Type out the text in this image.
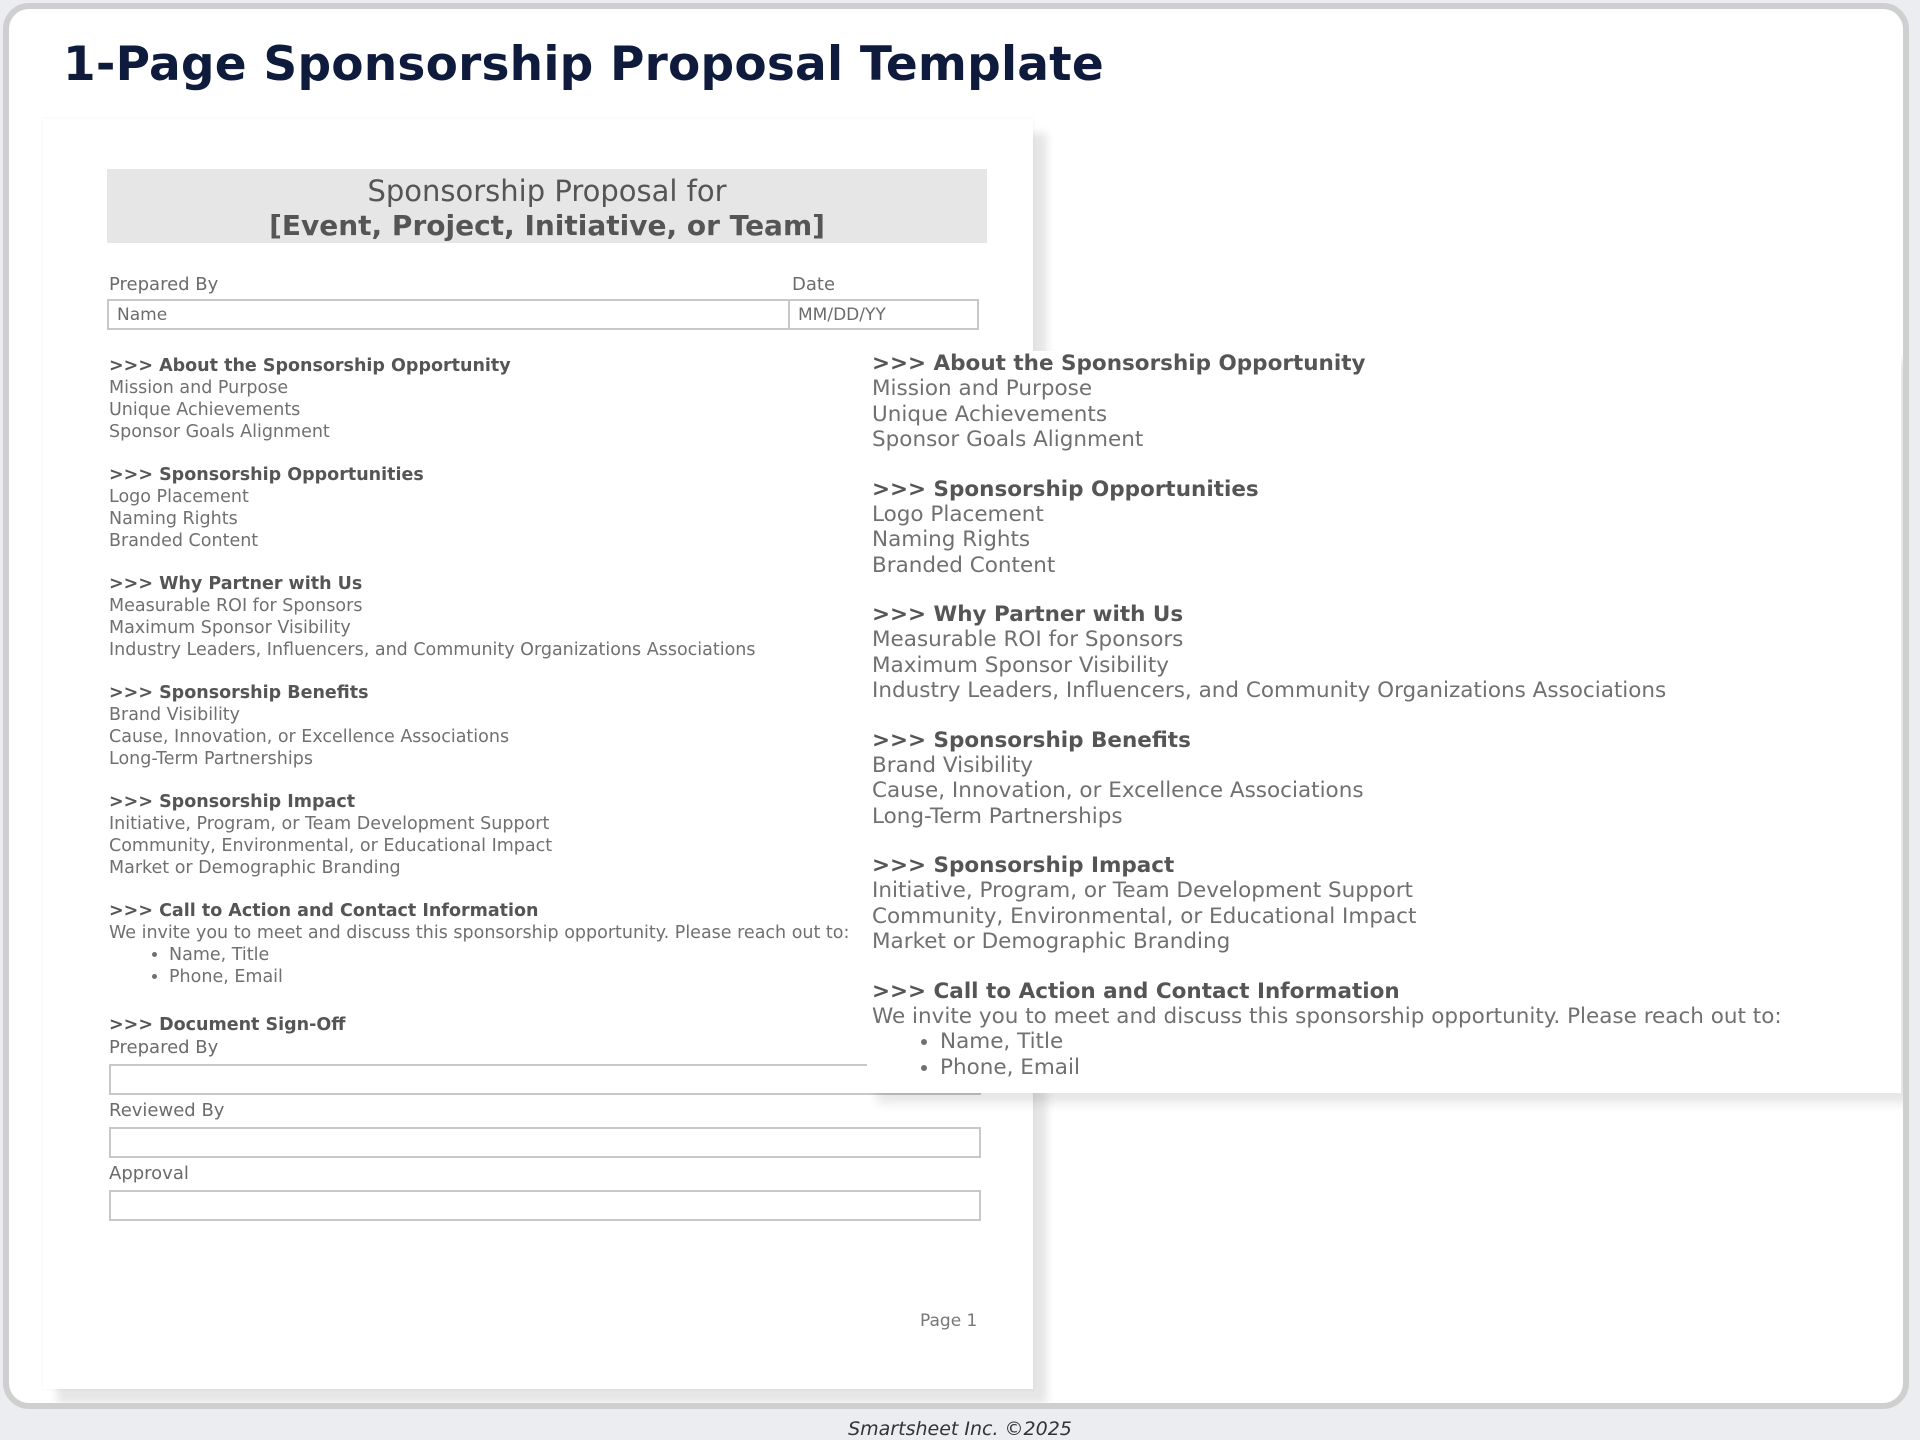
1-Page Sponsorship Proposal Template
Sponsorship Proposal for
[Event, Project, Initiative, or Team]
Prepared By	Date
Name	MM/DD/YY
>>> About the Sponsorship Opportunity
Mission and Purpose
Unique Achievements
Sponsor Goals Alignment
>>> Sponsorship Opportunities
Logo Placement
Naming Rights
Branded Content
>>> Why Partner with Us
Measurable ROI for Sponsors
Maximum Sponsor Visibility
Industry Leaders, Influencers, and Community Organizations Associations
>>> Sponsorship Benefits
Brand Visibility
Cause, Innovation, or Excellence Associations
Long-Term Partnerships
>>> Sponsorship Impact
Initiative, Program, or Team Development Support
Community, Environmental, or Educational Impact
Market or Demographic Branding
>>> Call to Action and Contact Information
We invite you to meet and discuss this sponsorship opportunity. Please reach out to:
• Name, Title
• Phone, Email
>>> Document Sign-Off
Prepared By
Reviewed By
Approval
Page 1
>>> About the Sponsorship Opportunity
Mission and Purpose
Unique Achievements
Sponsor Goals Alignment
>>> Sponsorship Opportunities
Logo Placement
Naming Rights
Branded Content
>>> Why Partner with Us
Measurable ROI for Sponsors
Maximum Sponsor Visibility
Industry Leaders, Influencers, and Community Organizations Associations
>>> Sponsorship Benefits
Brand Visibility
Cause, Innovation, or Excellence Associations
Long-Term Partnerships
>>> Sponsorship Impact
Initiative, Program, or Team Development Support
Community, Environmental, or Educational Impact
Market or Demographic Branding
>>> Call to Action and Contact Information
We invite you to meet and discuss this sponsorship opportunity. Please reach out to:
• Name, Title
• Phone, Email
Smartsheet Inc. ©2025
